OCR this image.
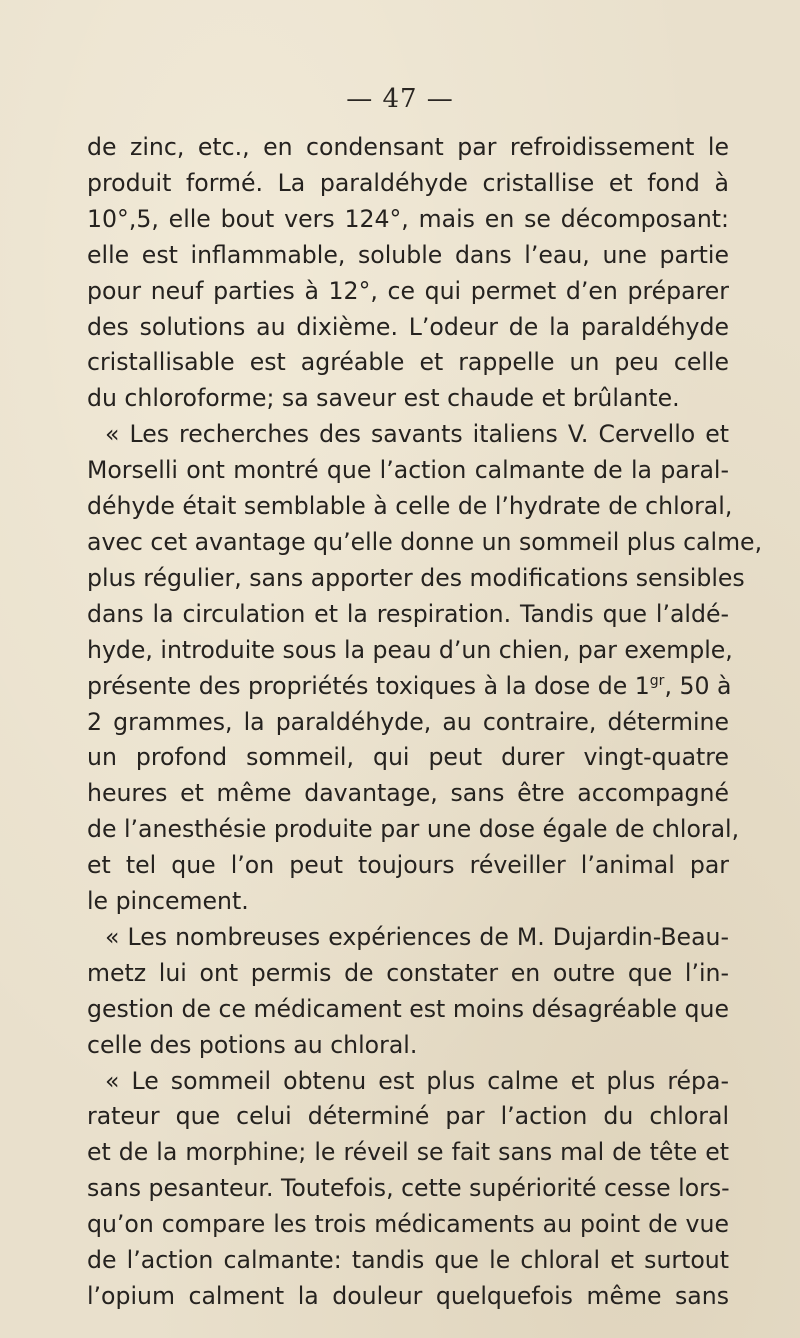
— 47 —
de zinc, etc., en condensant par refroidissement le
produit formé. La paraldéhyde cristallise et fond à
10°,5, elle bout vers 124°, mais en se décomposant:
elle est inflammable, soluble dans l’eau, une partie
pour neuf parties à 12°, ce qui permet d’en préparer
des solutions au dixième. L’odeur de la paraldéhyde
cristallisable est agréable et rappelle un peu celle
du chloroforme; sa saveur est chaude et brûlante.
« Les recherches des savants italiens V. Cervello et
Morselli ont montré que l’action calmante de la paral-
déhyde était semblable à celle de l’hydrate de chloral,
avec cet avantage qu’elle donne un sommeil plus calme,
plus régulier, sans apporter des modifications sensibles
dans la circulation et la respiration. Tandis que l’aldé-
hyde, introduite sous la peau d’un chien, par exemple,
présente des propriétés toxiques à la dose de $1^{gr}$, 50 à
2 grammes, la paraldéhyde, au contraire, détermine
un profond sommeil, qui peut durer vingt-quatre
heures et même davantage, sans être accompagné
de l’anesthésie produite par une dose égale de chloral,
et tel que l’on peut toujours réveiller l’animal par
le pincement.
« Les nombreuses expériences de M. Dujardin-Beau-
metz lui ont permis de constater en outre que l’in-
gestion de ce médicament est moins désagréable que
celle des potions au chloral.
« Le sommeil obtenu est plus calme et plus répa-
rateur que celui déterminé par l’action du chloral
et de la morphine; le réveil se fait sans mal de tête et
sans pesanteur. Toutefois, cette supériorité cesse lors-
qu’on compare les trois médicaments au point de vue
de l’action calmante: tandis que le chloral et surtout
l’opium calment la douleur quelquefois même sans
